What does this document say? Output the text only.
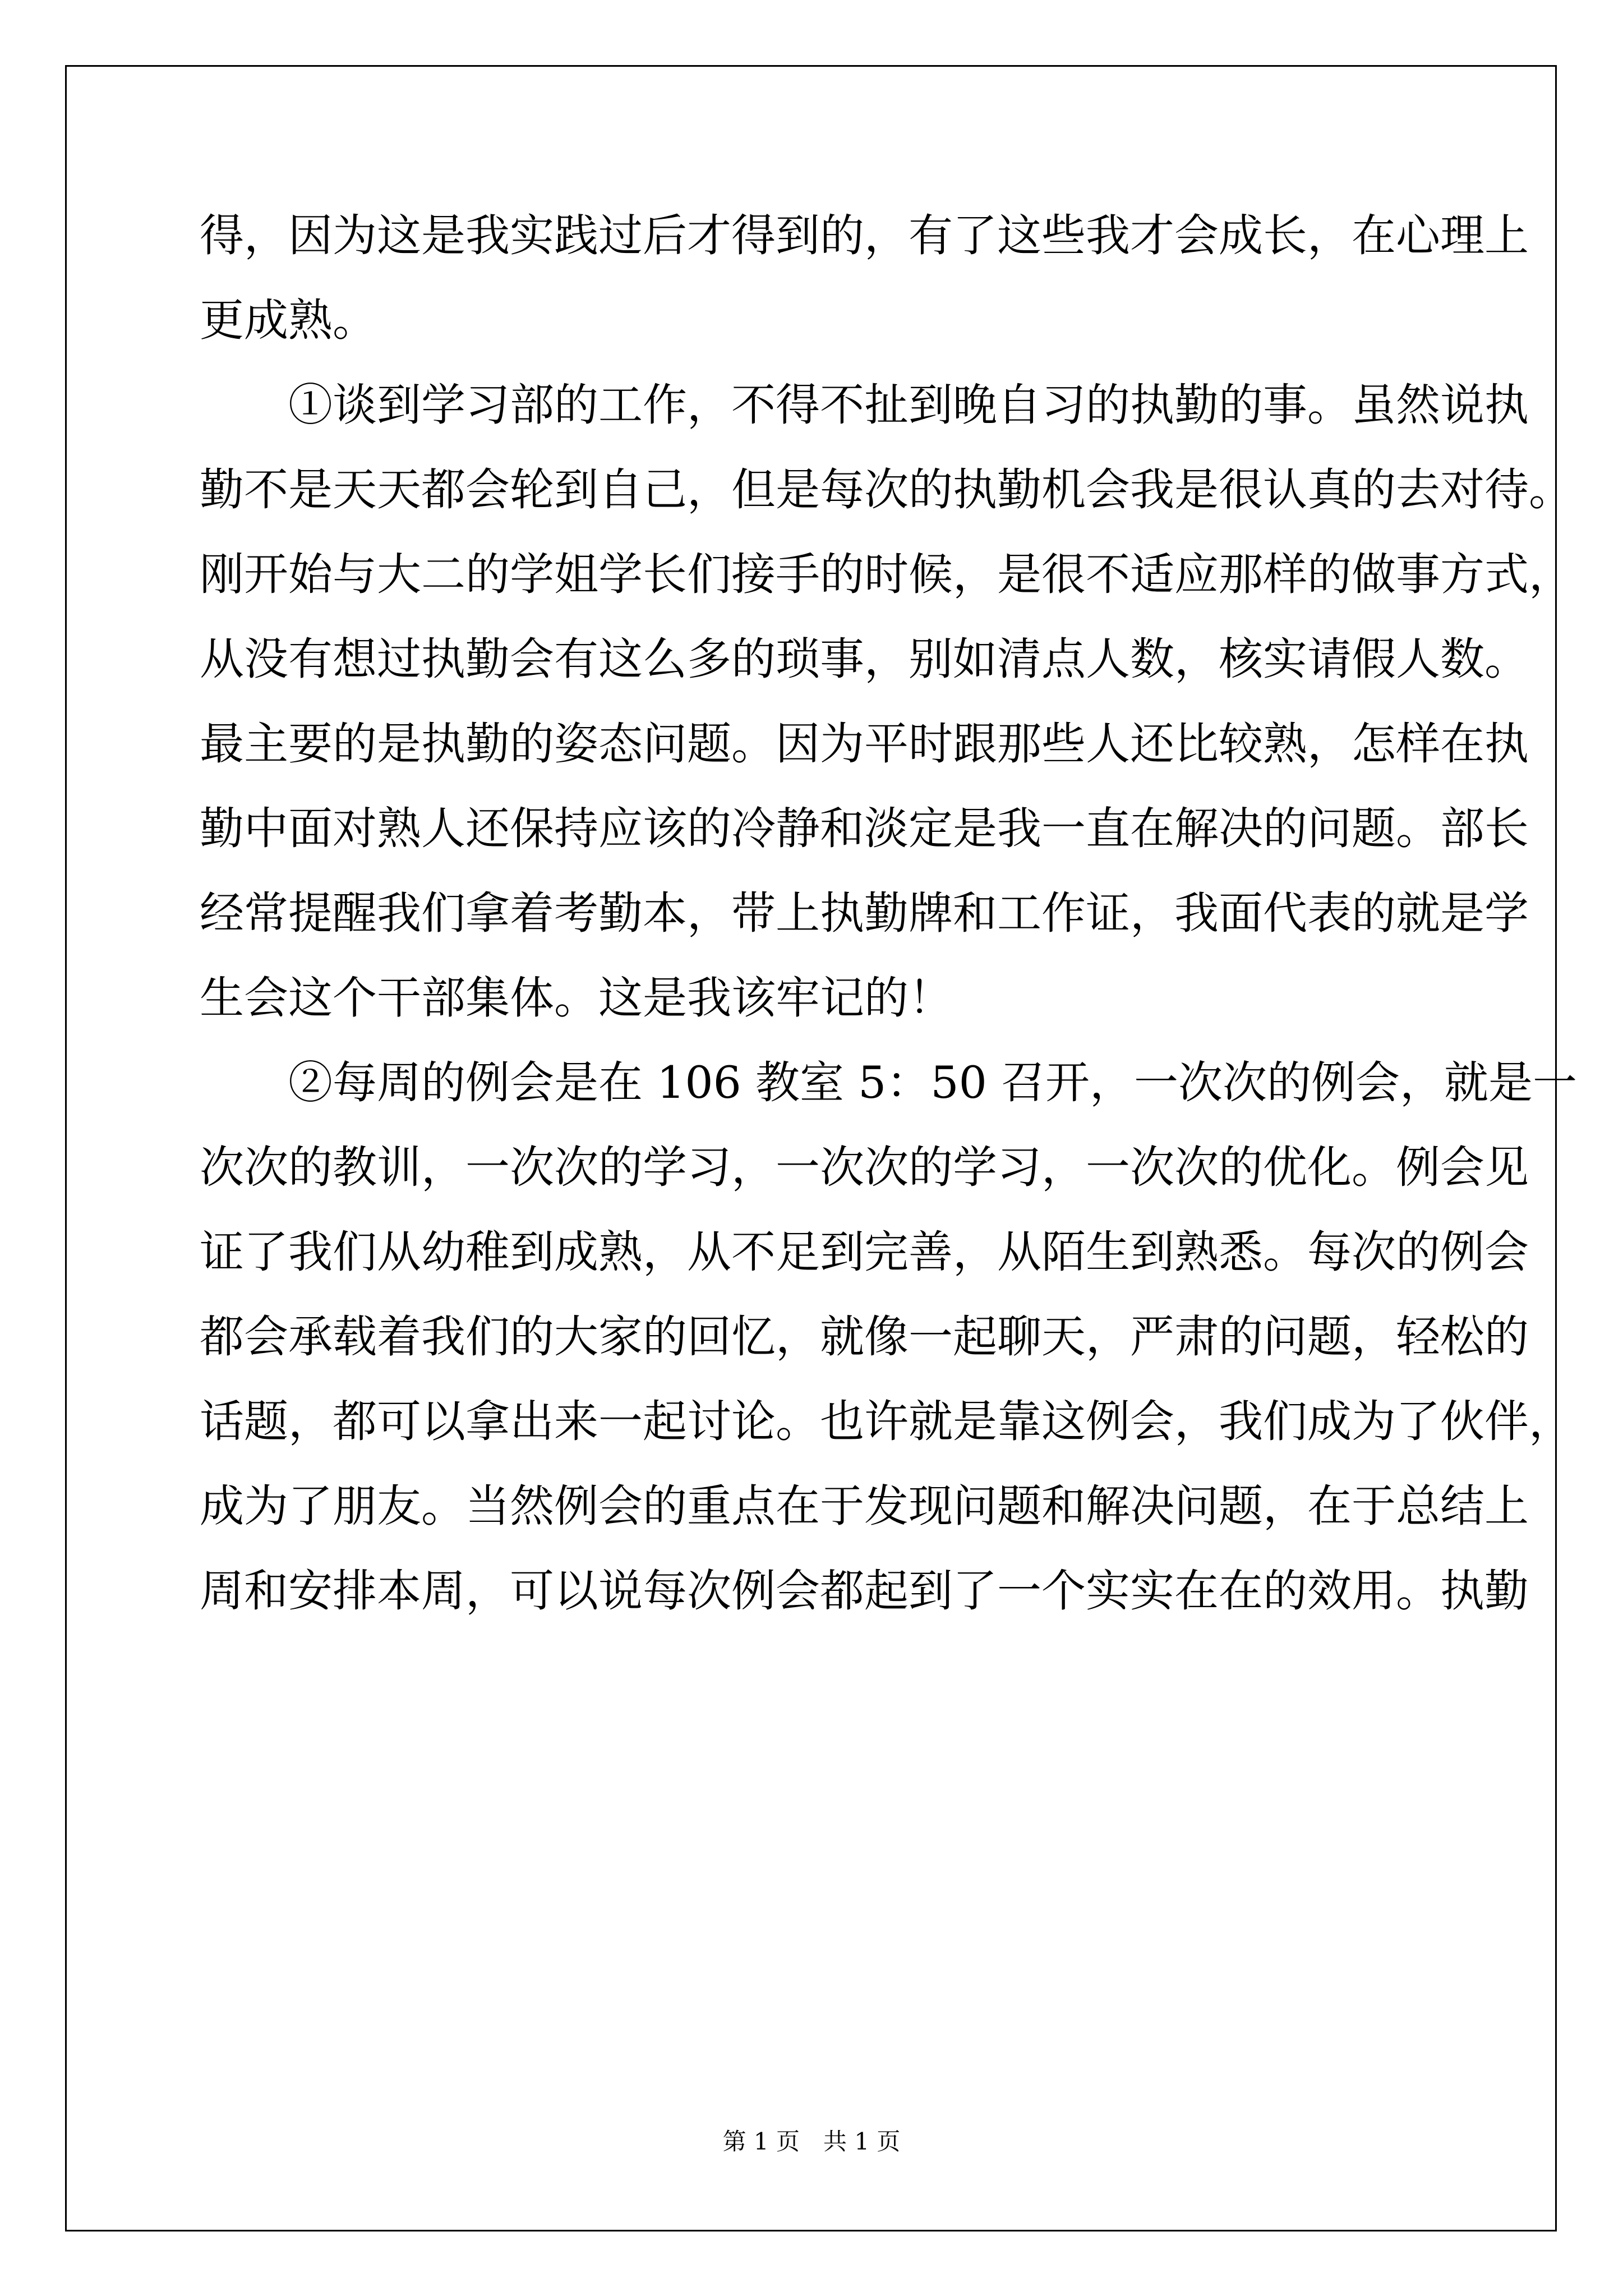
得，因为这是我实践过后才得到的，有了这些我才会成长，在心理上
更成熟。
　　①谈到学习部的工作，不得不扯到晚自习的执勤的事。虽然说执
勤不是天天都会轮到自己，但是每次的执勤机会我是很认真的去对待。
刚开始与大二的学姐学长们接手的时候，是很不适应那样的做事方式，
从没有想过执勤会有这么多的琐事，别如清点人数，核实请假人数。
最主要的是执勤的姿态问题。因为平时跟那些人还比较熟，怎样在执
勤中面对熟人还保持应该的冷静和淡定是我一直在解决的问题。部长
经常提醒我们拿着考勤本，带上执勤牌和工作证，我面代表的就是学
生会这个干部集体。这是我该牢记的！
　　②每周的例会是在 106 教室 5：50 召开，一次次的例会，就是一
次次的教训，一次次的学习，一次次的学习，一次次的优化。例会见
证了我们从幼稚到成熟，从不足到完善，从陌生到熟悉。每次的例会
都会承载着我们的大家的回忆，就像一起聊天，严肃的问题，轻松的
话题，都可以拿出来一起讨论。也许就是靠这例会，我们成为了伙伴，
成为了朋友。当然例会的重点在于发现问题和解决问题，在于总结上
周和安排本周，可以说每次例会都起到了一个实实在在的效用。执勤
第 1 页　共 1 页
